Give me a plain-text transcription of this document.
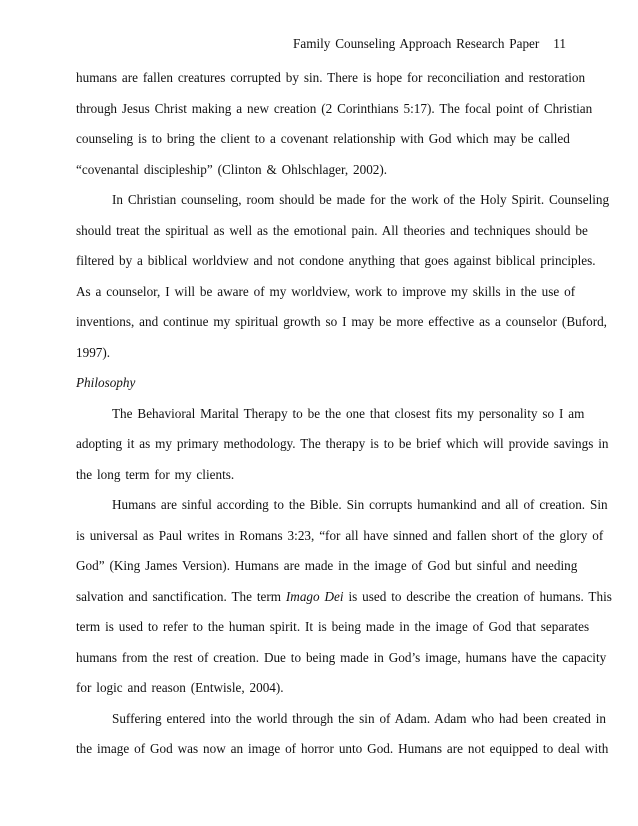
Family Counseling Approach Research Paper 11
humans are fallen creatures corrupted by sin. There is hope for reconciliation and restoration
through Jesus Christ making a new creation (2 Corinthians 5:17). The focal point of Christian
counseling is to bring the client to a covenant relationship with God which may be called
“covenantal discipleship” (Clinton & Ohlschlager, 2002).
In Christian counseling, room should be made for the work of the Holy Spirit. Counseling
should treat the spiritual as well as the emotional pain. All theories and techniques should be
filtered by a biblical worldview and not condone anything that goes against biblical principles.
As a counselor, I will be aware of my worldview, work to improve my skills in the use of
inventions, and continue my spiritual growth so I may be more effective as a counselor (Buford,
1997).
Philosophy
The Behavioral Marital Therapy to be the one that closest fits my personality so I am
adopting it as my primary methodology. The therapy is to be brief which will provide savings in
the long term for my clients.
Humans are sinful according to the Bible. Sin corrupts humankind and all of creation. Sin
is universal as Paul writes in Romans 3:23, “for all have sinned and fallen short of the glory of
God” (King James Version). Humans are made in the image of God but sinful and needing
salvation and sanctification. The term Imago Dei is used to describe the creation of humans. This
term is used to refer to the human spirit. It is being made in the image of God that separates
humans from the rest of creation. Due to being made in God’s image, humans have the capacity
for logic and reason (Entwisle, 2004).
Suffering entered into the world through the sin of Adam. Adam who had been created in
the image of God was now an image of horror unto God. Humans are not equipped to deal with
